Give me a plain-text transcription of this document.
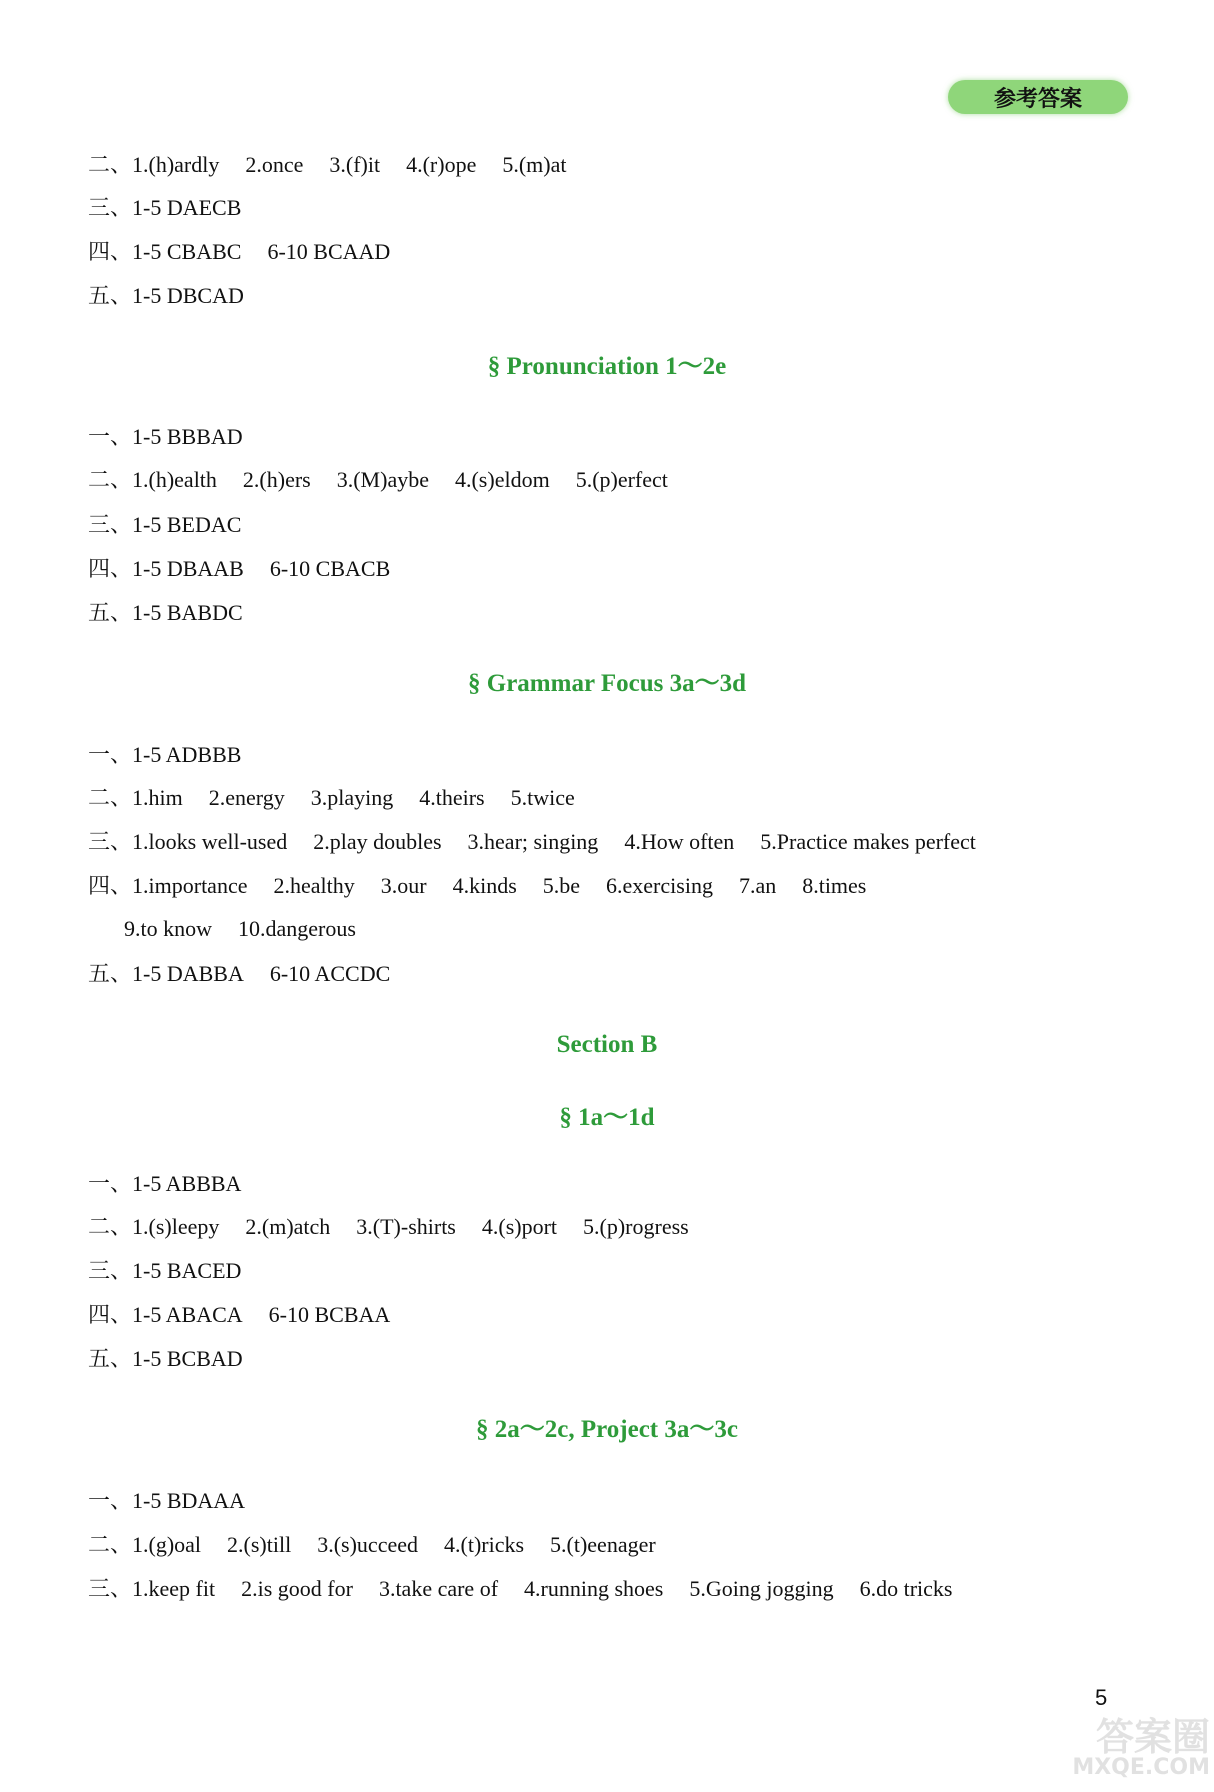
参考答案
二、1.(h)ardly 2.once 3.(f)it 4.(r)ope 5.(m)at
三、1-5 DAECB
四、1-5 CBABC 6-10 BCAAD
五、1-5 DBCAD
§ Pronunciation 1～2e
一、1-5 BBBAD
二、1.(h)ealth 2.(h)ers 3.(M)aybe 4.(s)eldom 5.(p)erfect
三、1-5 BEDAC
四、1-5 DBAAB 6-10 CBACB
五、1-5 BABDC
§ Grammar Focus 3a～3d
一、1-5 ADBBB
二、1.him 2.energy 3.playing 4.theirs 5.twice
三、1.looks well-used 2.play doubles 3.hear; singing 4.How often 5.Practice makes perfect
四、1.importance 2.healthy 3.our 4.kinds 5.be 6.exercising 7.an 8.times
9.to know 10.dangerous
五、1-5 DABBA 6-10 ACCDC
Section B
§ 1a～1d
一、1-5 ABBBA
二、1.(s)leepy 2.(m)atch 3.(T)-shirts 4.(s)port 5.(p)rogress
三、1-5 BACED
四、1-5 ABACA 6-10 BCBAA
五、1-5 BCBAD
§ 2a～2c, Project 3a～3c
一、1-5 BDAAA
二、1.(g)oal 2.(s)till 3.(s)ucceed 4.(t)ricks 5.(t)eenager
三、1.keep fit 2.is good for 3.take care of 4.running shoes 5.Going jogging 6.do tricks
5
答案圈
MXQE.COM
